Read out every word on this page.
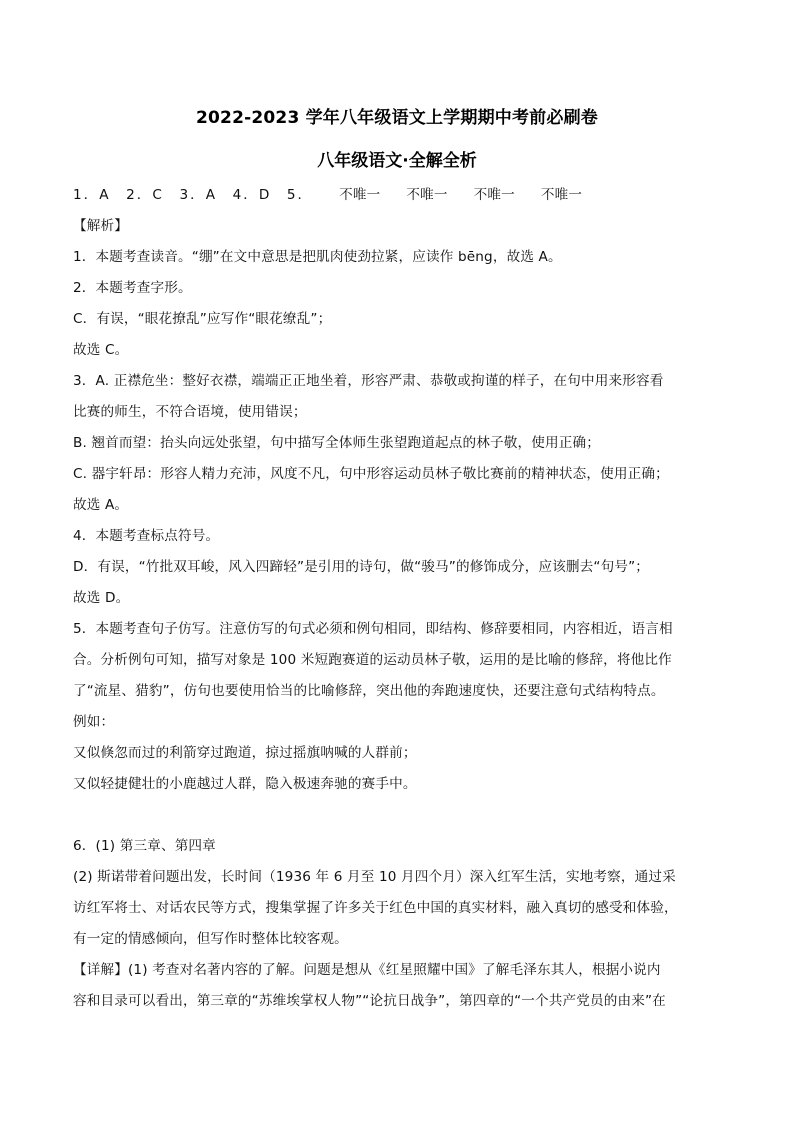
2022-2023 学年八年级语文上学期期中考前必刷卷
八年级语文·全解全析
1．A　2．C　3．A　4．D　5． 不唯一 不唯一 不唯一 不唯一
【解析】
1．本题考查读音。“绷”在文中意思是把肌肉使劲拉紧，应读作 bēng，故选 A。
2．本题考查字形。
C．有误，“眼花撩乱”应写作“眼花缭乱”；
故选 C。
3．A. 正襟危坐：整好衣襟，端端正正地坐着，形容严肃、恭敬或拘谨的样子，在句中用来形容看
比赛的师生，不符合语境，使用错误；
B. 翘首而望：抬头向远处张望，句中描写全体师生张望跑道起点的林子敬，使用正确；
C. 器宇轩昂：形容人精力充沛，风度不凡，句中形容运动员林子敬比赛前的精神状态，使用正确；
故选 A。
4．本题考查标点符号。
D．有误，“竹批双耳峻，风入四蹄轻”是引用的诗句，做“骏马”的修饰成分，应该删去“句号”；
故选 D。
5．本题考查句子仿写。注意仿写的句式必须和例句相同，即结构、修辞要相同，内容相近，语言相
合。分析例句可知，描写对象是 100 米短跑赛道的运动员林子敬，运用的是比喻的修辞，将他比作
了“流星、猎豹”，仿句也要使用恰当的比喻修辞，突出他的奔跑速度快，还要注意句式结构特点。
例如：
又似倏忽而过的利箭穿过跑道，掠过摇旗呐喊的人群前；
又似轻捷健壮的小鹿越过人群，隐入极速奔驰的赛手中。
6．(1) 第三章、第四章
(2) 斯诺带着问题出发，长时间（1936 年 6 月至 10 月四个月）深入红军生活，实地考察，通过采
访红军将士、对话农民等方式，搜集掌握了许多关于红色中国的真实材料，融入真切的感受和体验，
有一定的情感倾向，但写作时整体比较客观。
【详解】(1) 考查对名著内容的了解。问题是想从《红星照耀中国》了解毛泽东其人，根据小说内
容和目录可以看出，第三章的“苏维埃掌权人物”“论抗日战争”，第四章的“一个共产党员的由来”在
